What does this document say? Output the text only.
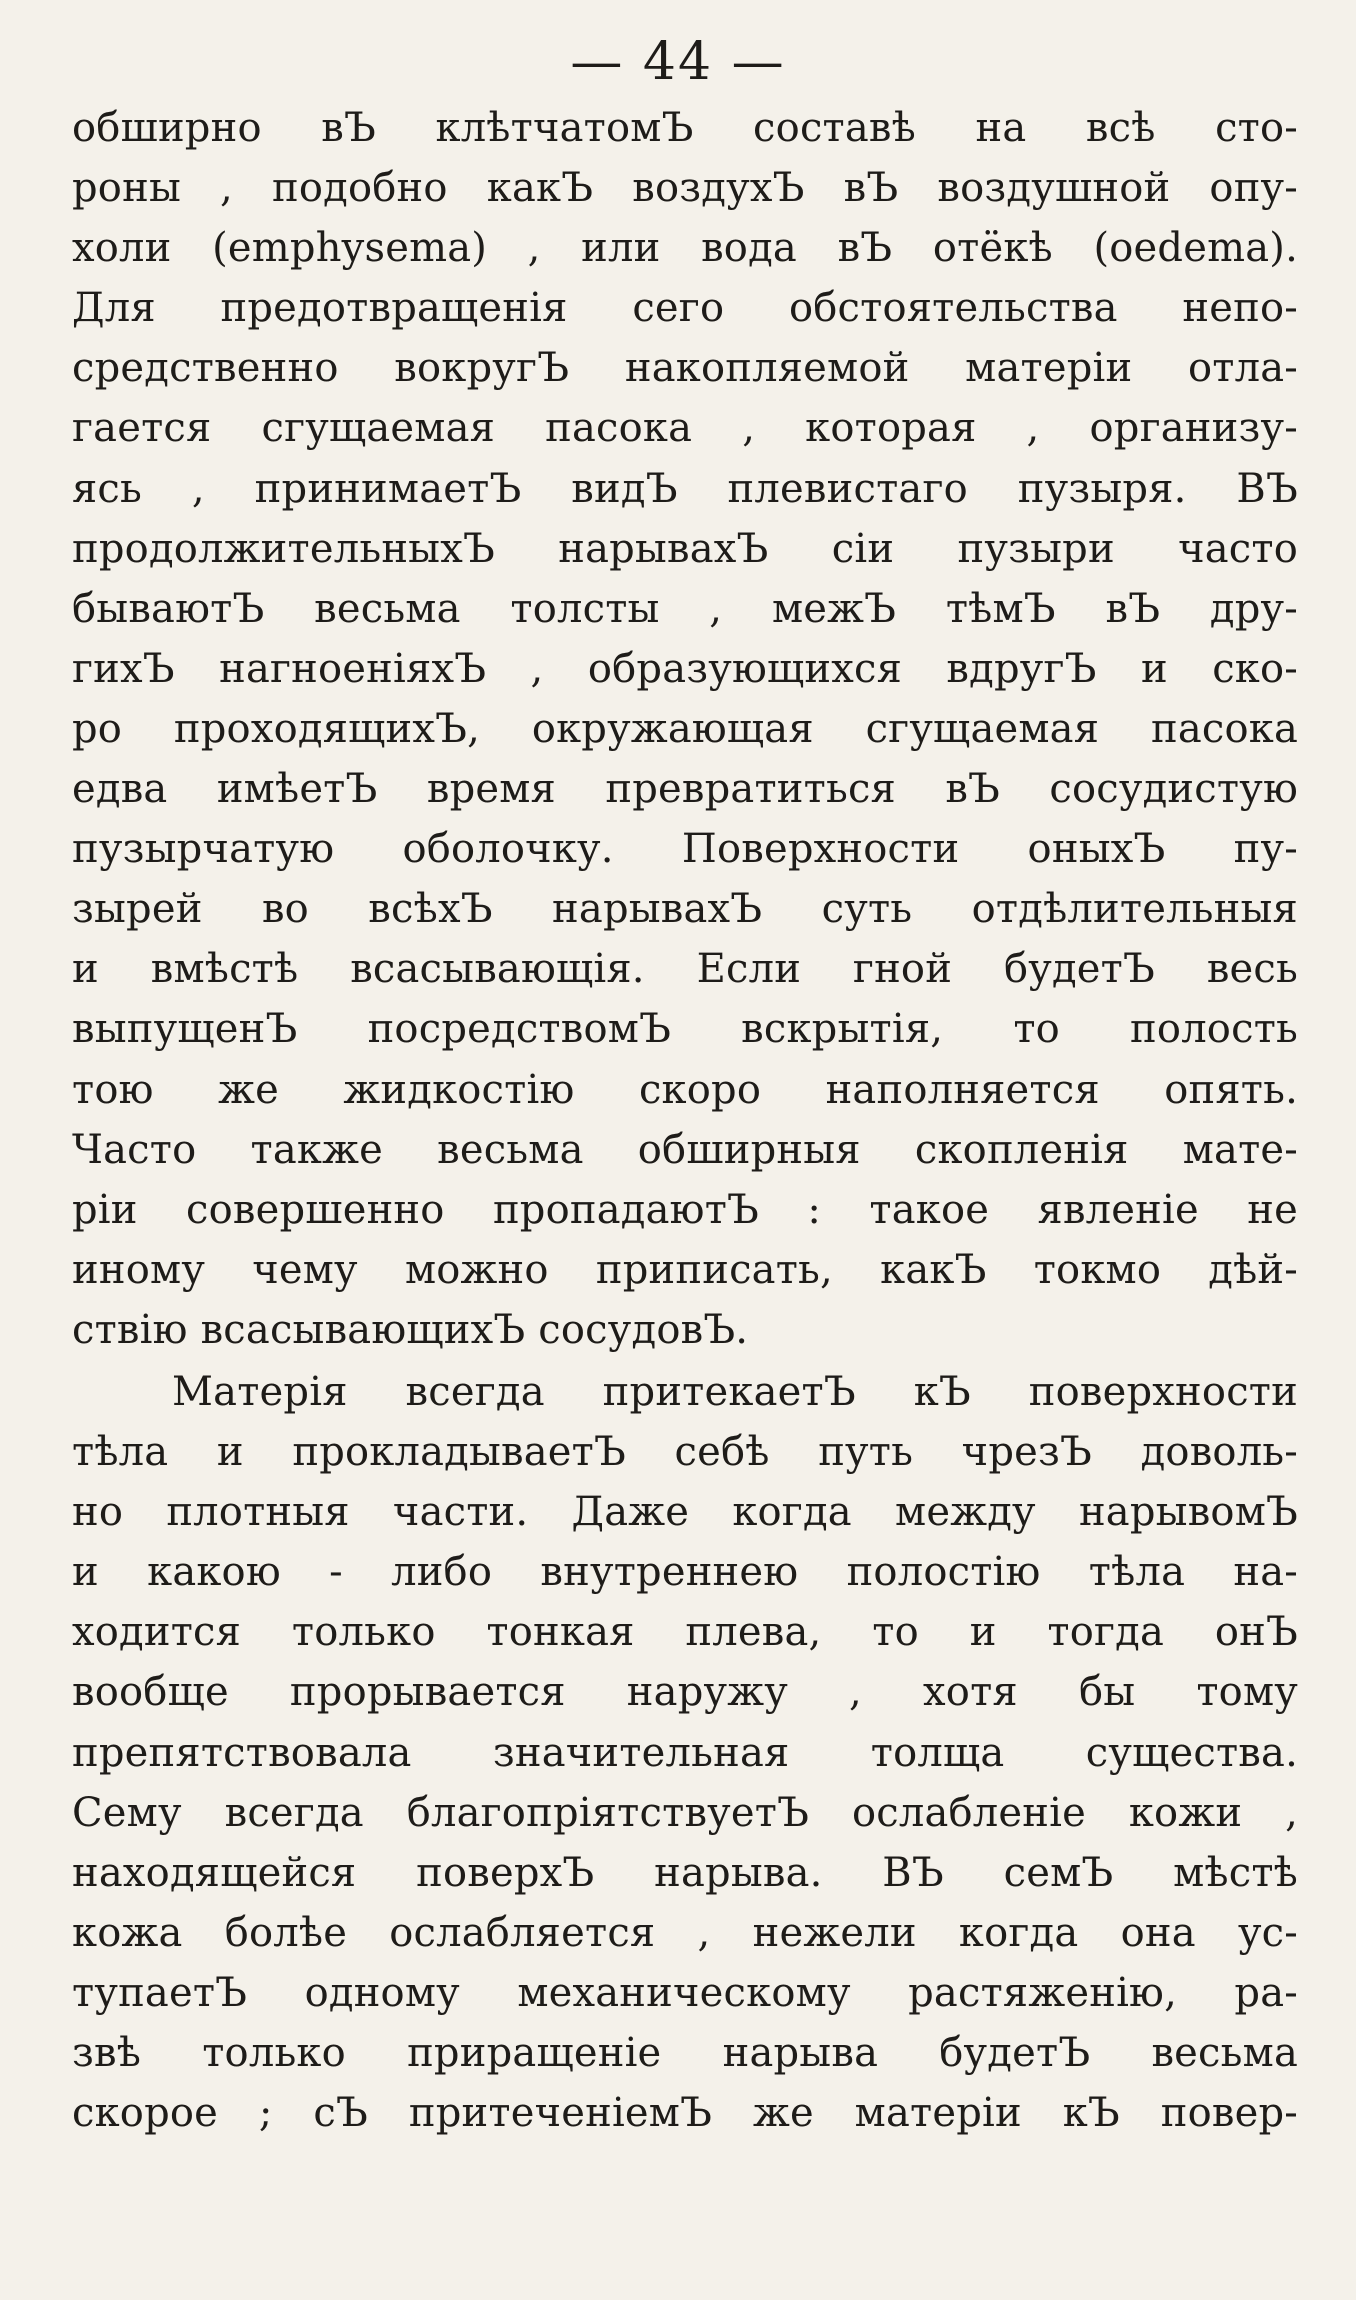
— 44 —
обширно вЪ клѣтчатомЪ составѣ на всѣ сто-
роны , подобно какЪ воздухЪ вЪ воздушной опу-
холи (emphysema) , или вода вЪ отёкѣ (oedema).
Для предотвращенія сего обстоятельства непо-
средственно вокругЪ накопляемой матеріи отла-
гается сгущаемая пасока , которая , организу-
ясь , принимаетЪ видЪ плевистаго пузыря. ВЪ
продолжительныхЪ нарывахЪ сіи пузыри часто
бываютЪ весьма толсты , межЪ тѣмЪ вЪ дру-
гихЪ нагноеніяхЪ , образующихся вдругЪ и ско-
ро проходящихЪ, окружающая сгущаемая пасока
едва имѣетЪ время превратиться вЪ сосудистую
пузырчатую оболочку. Поверхности оныхЪ пу-
зырей во всѣхЪ нарывахЪ суть отдѣлительныя
и вмѣстѣ всасывающія. Если гной будетЪ весь
выпущенЪ посредствомЪ вскрытія, то полость
тою же жидкостію скоро наполняется опять.
Часто также весьма обширныя скопленія мате-
ріи совершенно пропадаютЪ : такое явленіе не
иному чему можно приписать, какЪ токмо дѣй-
ствію всасывающихЪ сосудовЪ.
Матерія всегда притекаетЪ кЪ поверхности
тѣла и прокладываетЪ себѣ путь чрезЪ доволь-
но плотныя части. Даже когда между нарывомЪ
и какою - либо внутреннею полостію тѣла на-
ходится только тонкая плева, то и тогда онЪ
вообще прорывается наружу , хотя бы тому
препятствовала значительная толща существа.
Сему всегда благопріятствуетЪ ослабленіе кожи ,
находящейся поверхЪ нарыва. ВЪ семЪ мѣстѣ
кожа болѣе ослабляется , нежели когда она ус-
тупаетЪ одному механическому растяженію, ра-
звѣ только приращеніе нарыва будетЪ весьма
скорое ; сЪ притеченіемЪ же матеріи кЪ повер-
